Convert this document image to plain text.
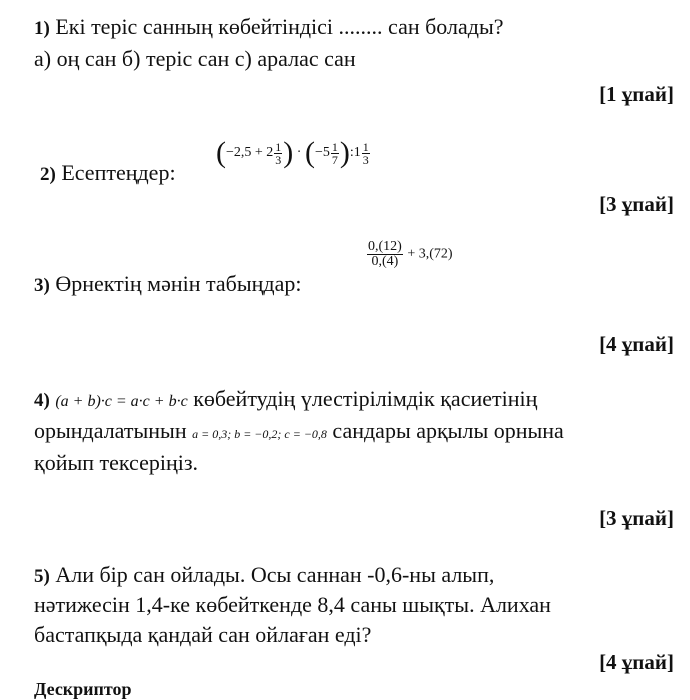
1) Екі теріс санның көбейтіндісі ........ сан болады?
а) оң сан б) теріс сан с) аралас сан
[1 ұпай]
2) Есептеңдер:
($-2,5 + 2 \frac{1}{3}$ ) · ($-5 \frac{1}{7}$ ):1 $\frac{1}{3}$
[3 ұпай]
3) Өрнектің мәнін табыңдар:
$\frac{0,(12)}{0,(4)} + 3,(72)$
[4 ұпай]
4) (a + b)·c = a·c + b·c көбейтудің үлестірілімдік қасиетінің
орындалатынын a = 0,3; b = −0,2; c = −0,8 сандары арқылы орнына
қойып тексеріңіз.
[3 ұпай]
5) Али бір сан ойлады. Осы саннан -0,6-ны алып,
нәтижесін 1,4-ке көбейткенде 8,4 саны шықты. Алихан
бастапқыда қандай сан ойлаған еді?
[4 ұпай]
Дескриптор
